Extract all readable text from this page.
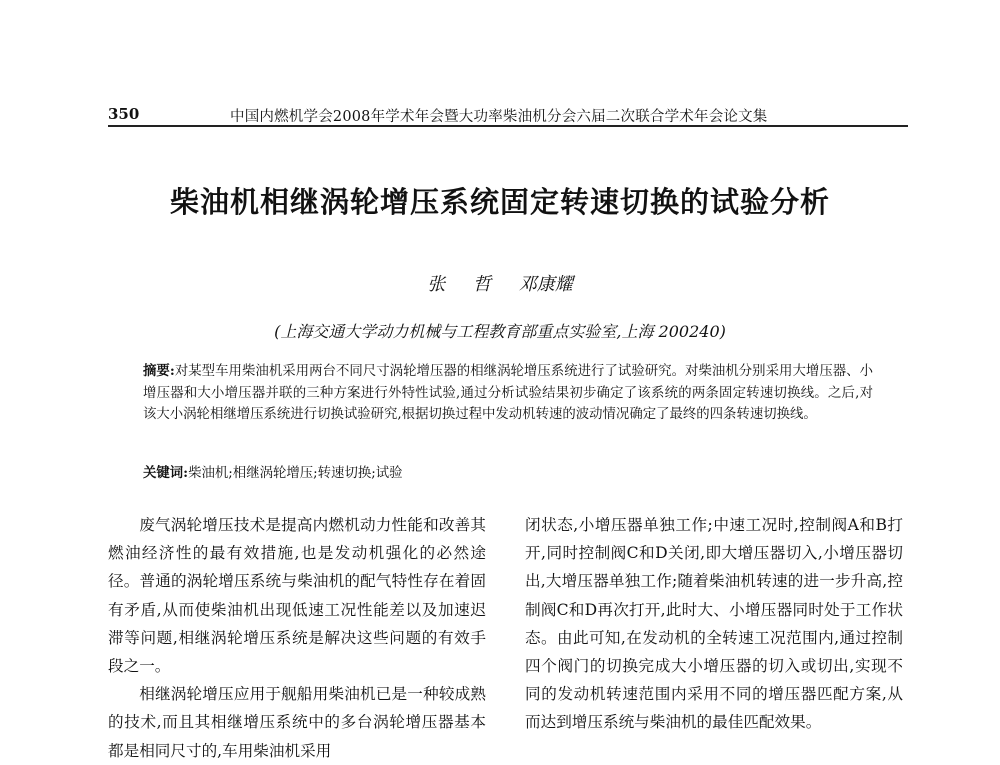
350	中国内燃机学会2008年学术年会暨大功率柴油机分会六届二次联合学术年会论文集
柴油机相继涡轮增压系统固定转速切换的试验分析
张 哲 邓康耀
(上海交通大学动力机械与工程教育部重点实验室,上海 200240)
摘要:对某型车用柴油机采用两台不同尺寸涡轮增压器的相继涡轮增压系统进行了试验研究。对柴油机分别采用大增压器、小增压器和大小增压器并联的三种方案进行外特性试验,通过分析试验结果初步确定了该系统的两条固定转速切换线。之后,对该大小涡轮相继增压系统进行切换试验研究,根据切换过程中发动机转速的波动情况确定了最终的四条转速切换线。
关键词:柴油机;相继涡轮增压;转速切换;试验

废气涡轮增压技术是提高内燃机动力性能和改善其燃油经济性的最有效措施,也是发动机强化的必然途径。普通的涡轮增压系统与柴油机的配气特性存在着固有矛盾,从而使柴油机出现低速工况性能差以及加速迟滞等问题,相继涡轮增压系统是解决这些问题的有效手段之一。

相继涡轮增压应用于舰船用柴油机已是一种较成熟的技术,而且其相继增压系统中的多台涡轮增压器基本都是相同尺寸的,车用柴油机采用

闭状态,小增压器单独工作;中速工况时,控制阀A和B打开,同时控制阀C和D关闭,即大增压器切入,小增压器切出,大增压器单独工作;随着柴油机转速的进一步升高,控制阀C和D再次打开,此时大、小增压器同时处于工作状态。由此可知,在发动机的全转速工况范围内,通过控制四个阀门的切换完成大小增压器的切入或切出,实现不同的发动机转速范围内采用不同的增压器匹配方案,从而达到增压系统与柴油机的最佳匹配效果。
